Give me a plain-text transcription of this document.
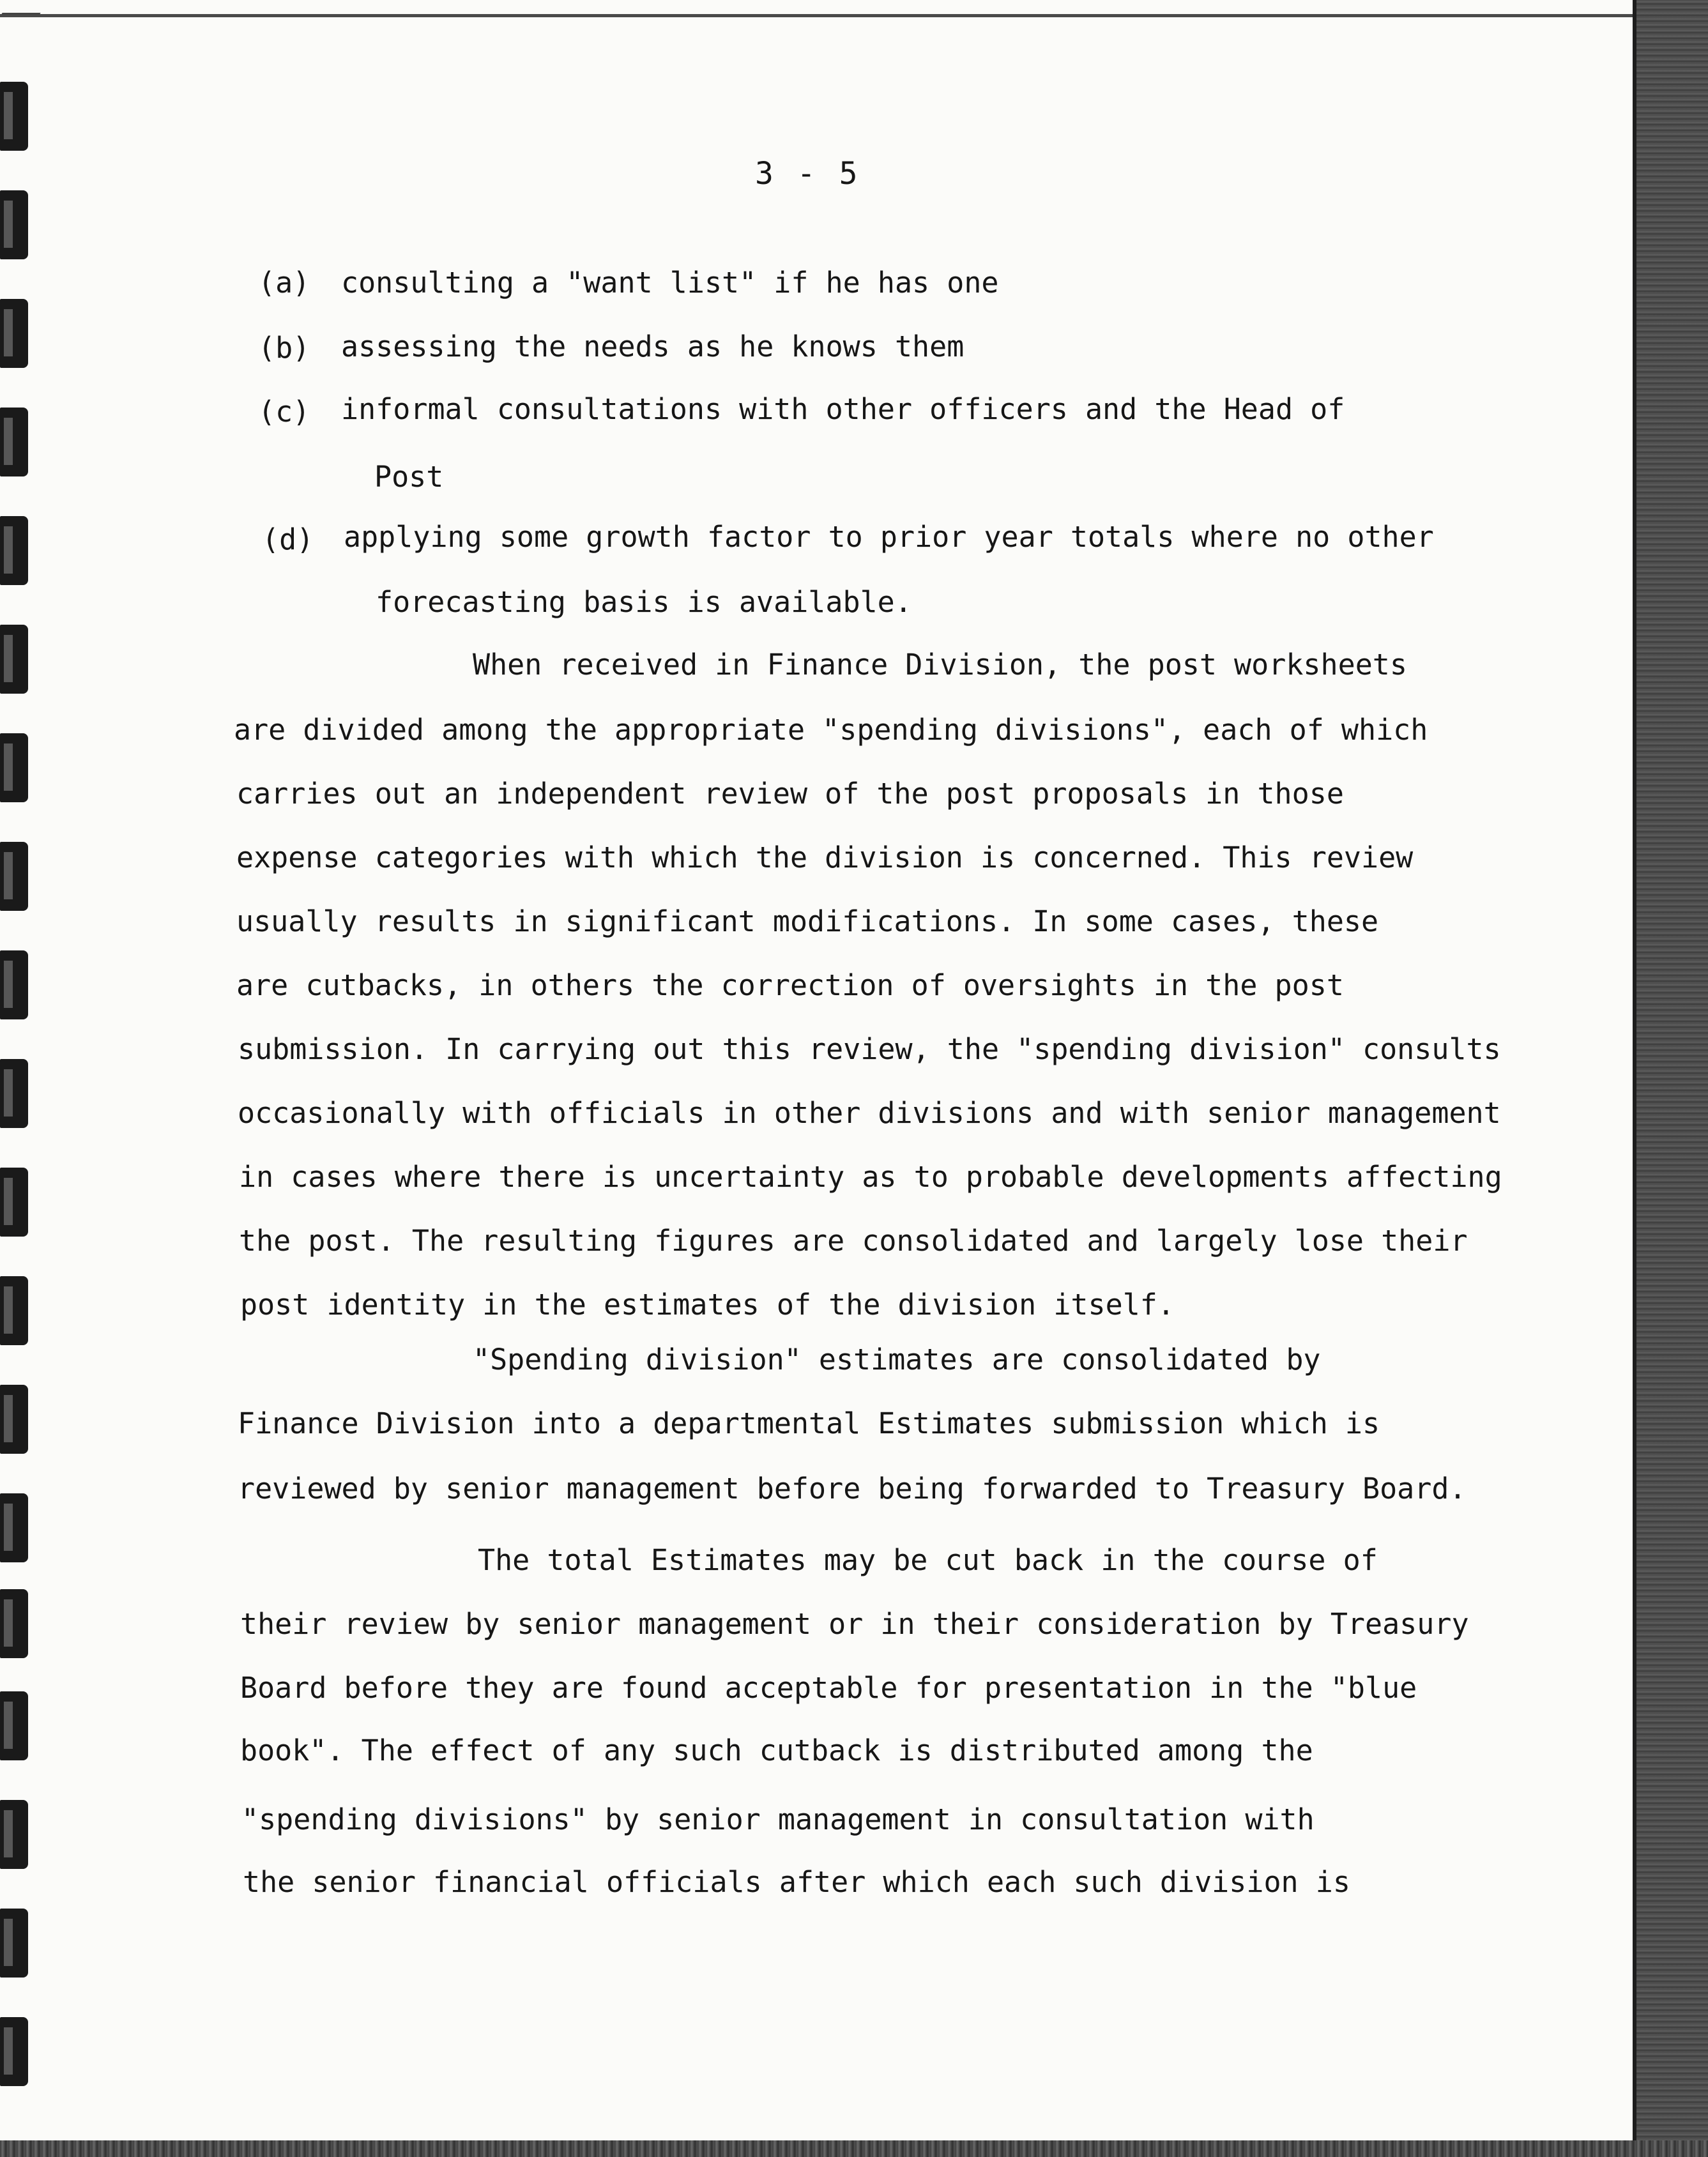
3 - 5
(a) consulting a "want list" if he has one
(b) assessing the needs as he knows them
(c) informal consultations with other officers and the Head of
Post
(d) applying some growth factor to prior year totals where no other
forecasting basis is available.
When received in Finance Division, the post worksheets
are divided among the appropriate "spending divisions", each of which
carries out an independent review of the post proposals in those
expense categories with which the division is concerned. This review
usually results in significant modifications. In some cases, these
are cutbacks, in others the correction of oversights in the post
submission. In carrying out this review, the "spending division" consults
occasionally with officials in other divisions and with senior management
in cases where there is uncertainty as to probable developments affecting
the post. The resulting figures are consolidated and largely lose their
post identity in the estimates of the division itself.
"Spending division" estimates are consolidated by
Finance Division into a departmental Estimates submission which is
reviewed by senior management before being forwarded to Treasury Board.
The total Estimates may be cut back in the course of
their review by senior management or in their consideration by Treasury
Board before they are found acceptable for presentation in the "blue
book". The effect of any such cutback is distributed among the
"spending divisions" by senior management in consultation with
the senior financial officials after which each such division is
